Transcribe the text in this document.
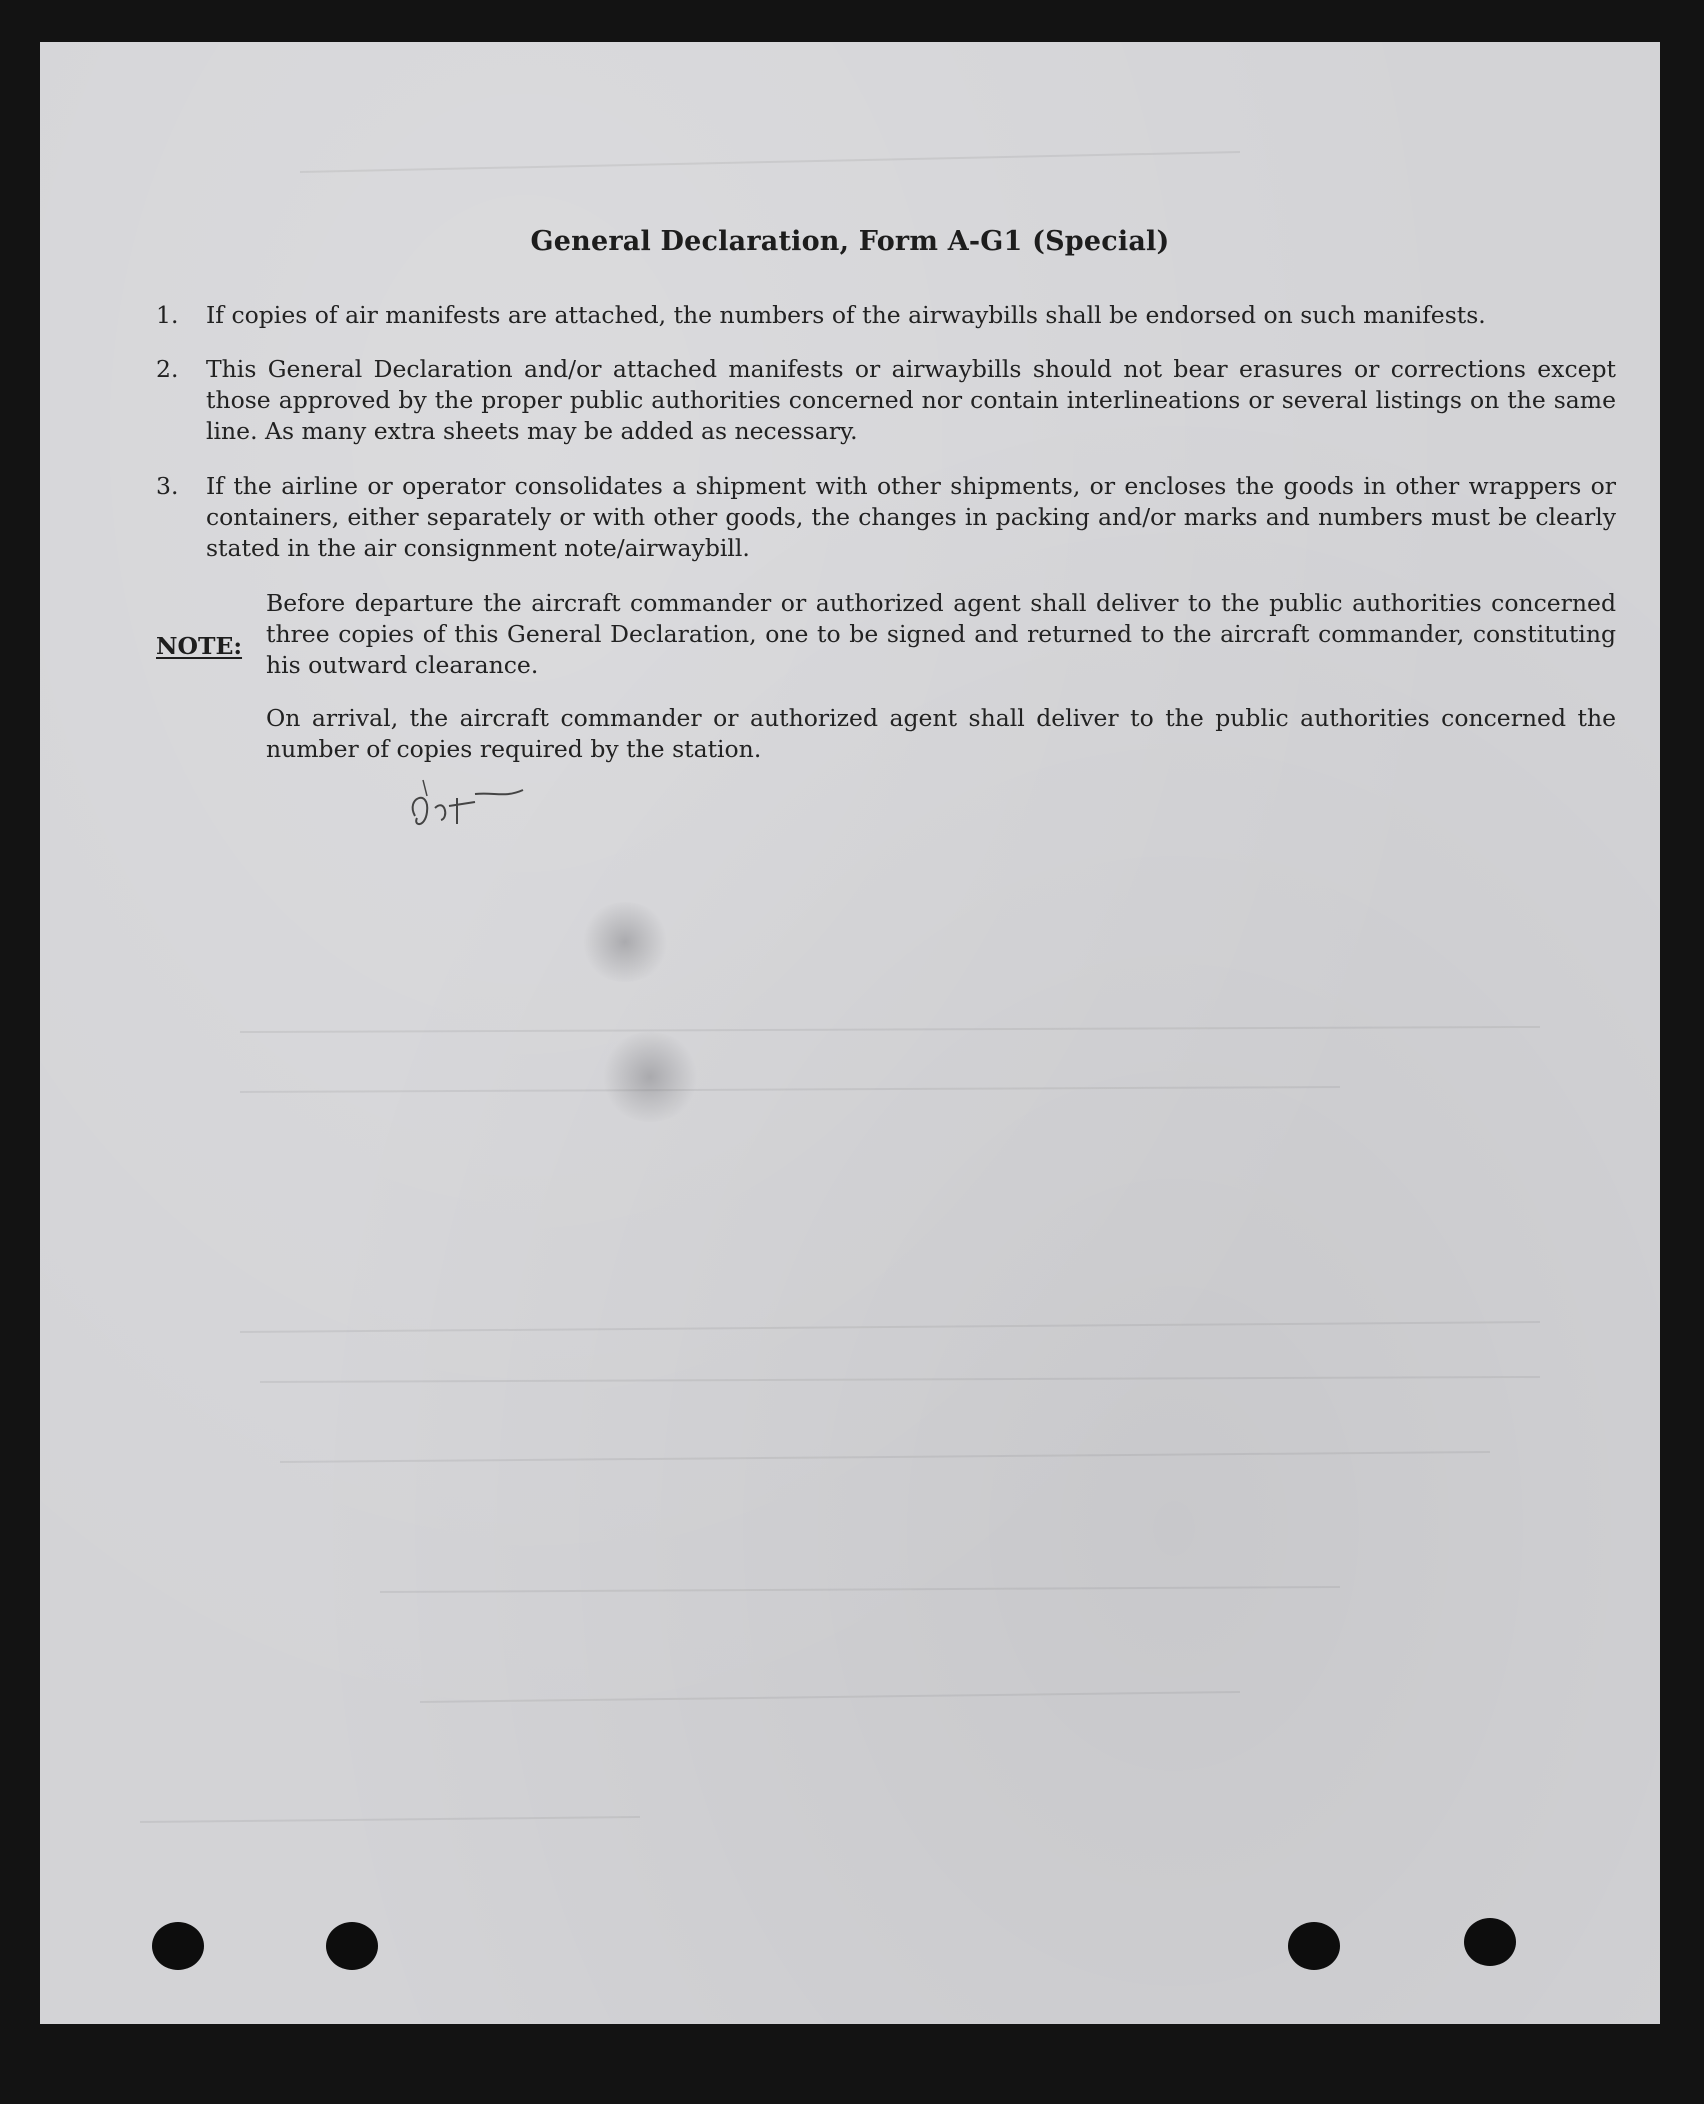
General Declaration, Form A-G1 (Special)
1. If copies of air manifests are attached, the numbers of the airwaybills shall be endorsed on such manifests.
2. This General Declaration and/or attached manifests or airwaybills should not bear erasures or corrections except those approved by the proper public authorities concerned nor contain interlineations or several listings on the same line. As many extra sheets may be added as necessary.
3. If the airline or operator consolidates a shipment with other shipments, or encloses the goods in other wrappers or containers, either separately or with other goods, the changes in packing and/or marks and numbers must be clearly stated in the air consignment note/airwaybill.
NOTE:
Before departure the aircraft commander or authorized agent shall deliver to the public authorities concerned three copies of this General Declaration, one to be signed and returned to the aircraft commander, constituting his outward clearance.
On arrival, the aircraft commander or authorized agent shall deliver to the public authorities concerned the number of copies required by the station.
